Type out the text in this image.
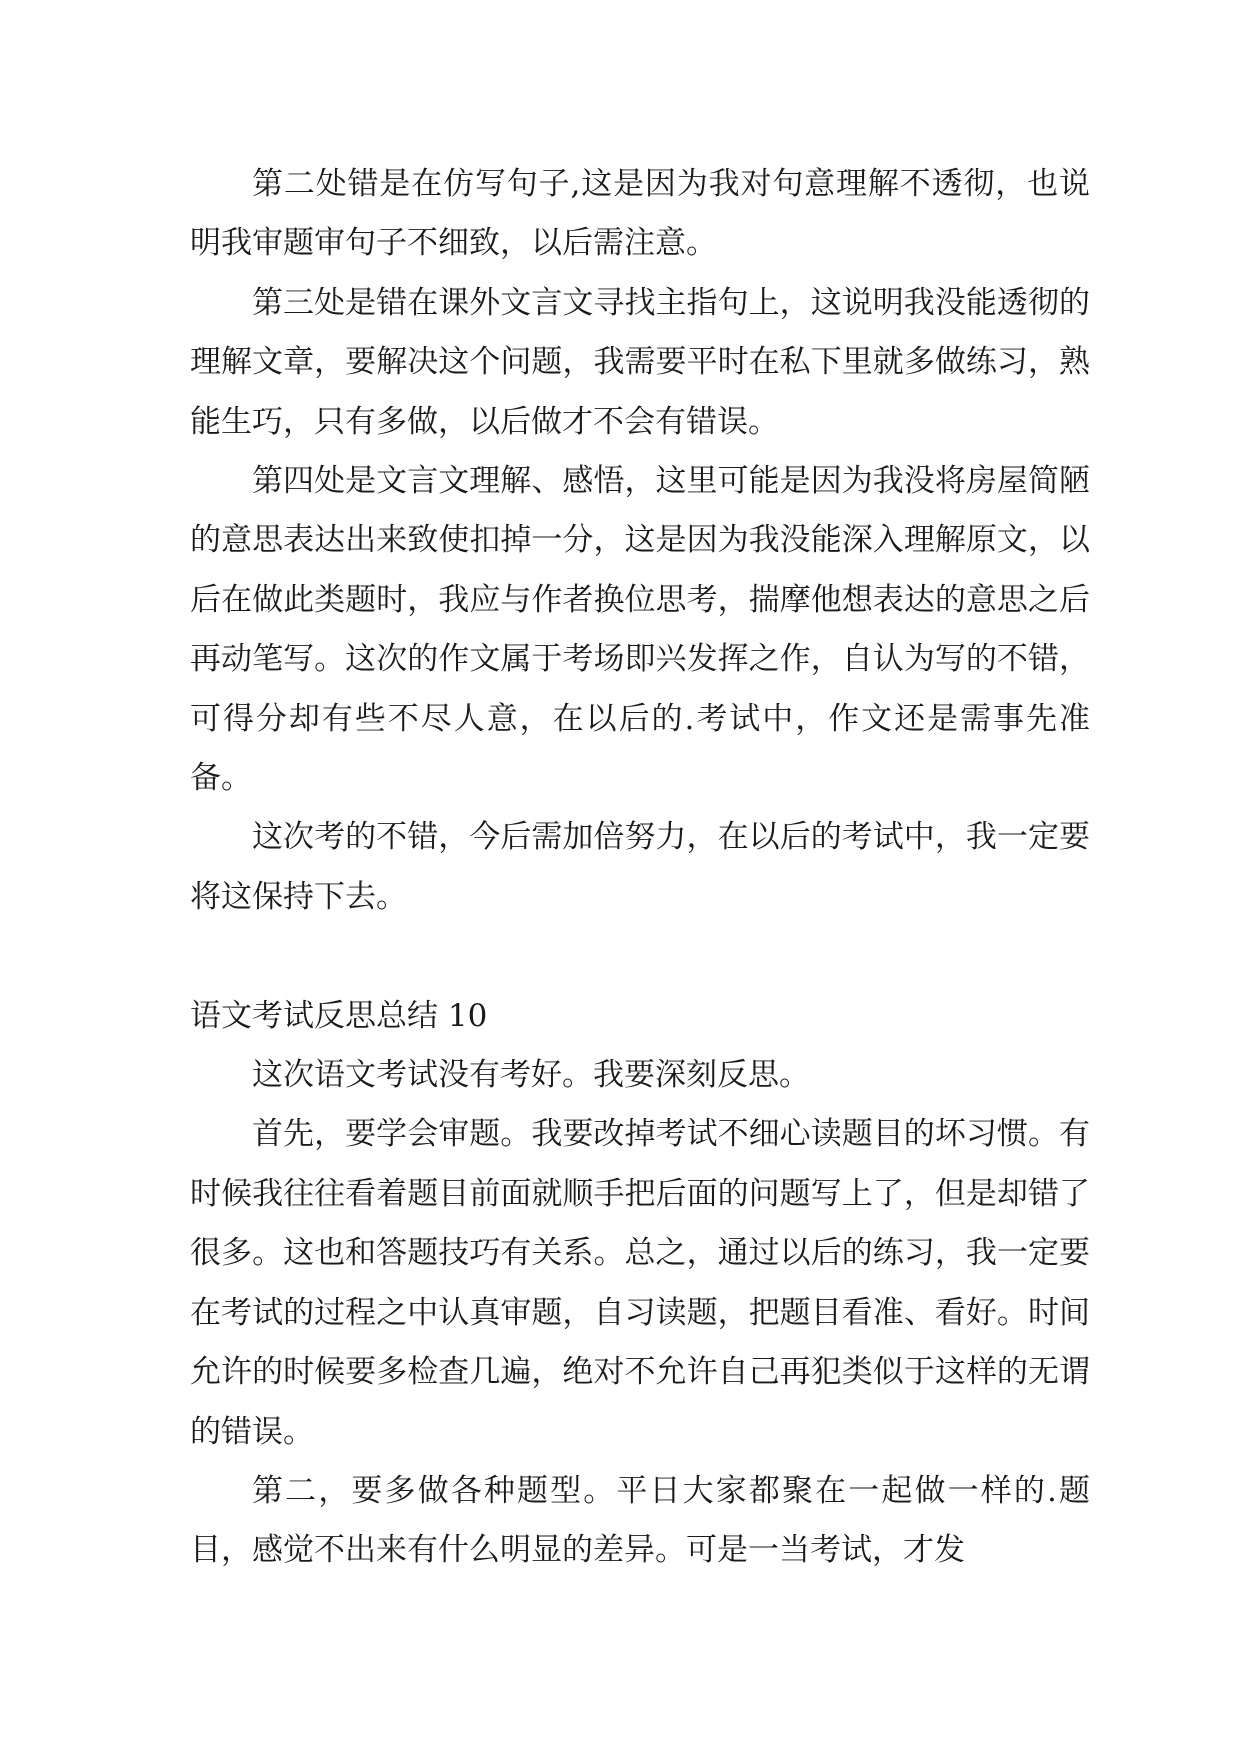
第二处错是在仿写句子,这是因为我对句意理解不透彻，也说明我审题审句子不细致，以后需注意。

第三处是错在课外文言文寻找主指句上，这说明我没能透彻的理解文章，要解决这个问题，我需要平时在私下里就多做练习，熟能生巧，只有多做，以后做才不会有错误。

第四处是文言文理解、感悟，这里可能是因为我没将房屋简陋的意思表达出来致使扣掉一分，这是因为我没能深入理解原文，以后在做此类题时，我应与作者换位思考，揣摩他想表达的意思之后再动笔写。这次的作文属于考场即兴发挥之作，自认为写的不错，可得分却有些不尽人意，在以后的.考试中，作文还是需事先准备。

这次考的不错，今后需加倍努力，在以后的考试中，我一定要将这保持下去。

语文考试反思总结 10

这次语文考试没有考好。我要深刻反思。

首先，要学会审题。我要改掉考试不细心读题目的坏习惯。有时候我往往看着题目前面就顺手把后面的问题写上了，但是却错了很多。这也和答题技巧有关系。总之，通过以后的练习，我一定要在考试的过程之中认真审题，自习读题，把题目看准、看好。时间允许的时候要多检查几遍，绝对不允许自己再犯类似于这样的无谓的错误。

第二，要多做各种题型。平日大家都聚在一起做一样的.题目，感觉不出来有什么明显的差异。可是一当考试，才发
